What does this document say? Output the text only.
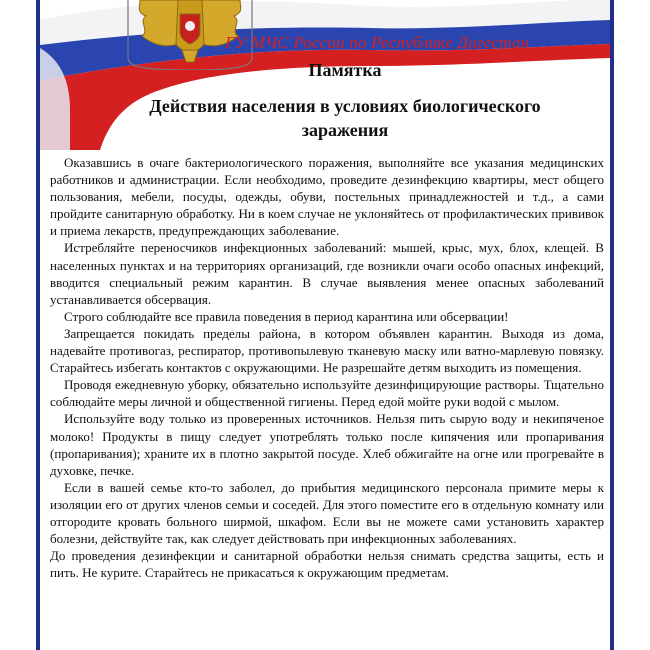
ГУ МЧС России по Республике Дагестан
Памятка
Действия населения в условиях биологического
заражения

Оказавшись в очаге бактериологического поражения, выполняйте все указания медицинских работников и администрации. Если необходимо, проведите дезинфекцию квартиры, мест общего пользования, мебели, посуды, одежды, обуви, постельных принадлежностей и т.д., а сами пройдите санитарную обработку. Ни в коем случае не уклоняйтесь от профилактических прививок и приема лекарств, предупреждающих заболевание.

Истребляйте переносчиков инфекционных заболеваний: мышей, крыс, мух, блох, клещей. В населенных пунктах и на территориях организаций, где возникли очаги особо опасных инфекций, вводится специальный режим карантин. В случае выявления менее опасных заболеваний устанавливается обсервация.

Строго соблюдайте все правила поведения в период карантина или обсервации!

Запрещается покидать пределы района, в котором объявлен карантин. Выходя из дома, надевайте противогаз, респиратор, противопылевую тканевую маску или ватно-марлевую повязку. Старайтесь избегать контактов с окружающими. Не разрешайте детям выходить из помещения.

Проводя ежедневную уборку, обязательно используйте дезинфицирующие растворы. Тщательно соблюдайте меры личной и общественной гигиены. Перед едой мойте руки водой с мылом.

Используйте воду только из проверенных источников. Нельзя пить сырую воду и некипяченое молоко! Продукты в пищу следует употреблять только после кипячения или пропаривания (пропаривания); храните их в плотно закрытой посуде. Хлеб обжигайте на огне или прогревайте в духовке, печке.

Если в вашей семье кто-то заболел, до прибытия медицинского персонала примите меры к изоляции его от других членов семьи и соседей. Для этого поместите его в отдельную комнату или отгородите кровать больного ширмой, шкафом. Если вы не можете сами установить характер болезни, действуйте так, как следует действовать при инфекционных заболеваниях.

До проведения дезинфекции и санитарной обработки нельзя снимать средства защиты, есть и пить. Не курите. Старайтесь не прикасаться к окружающим предметам.
